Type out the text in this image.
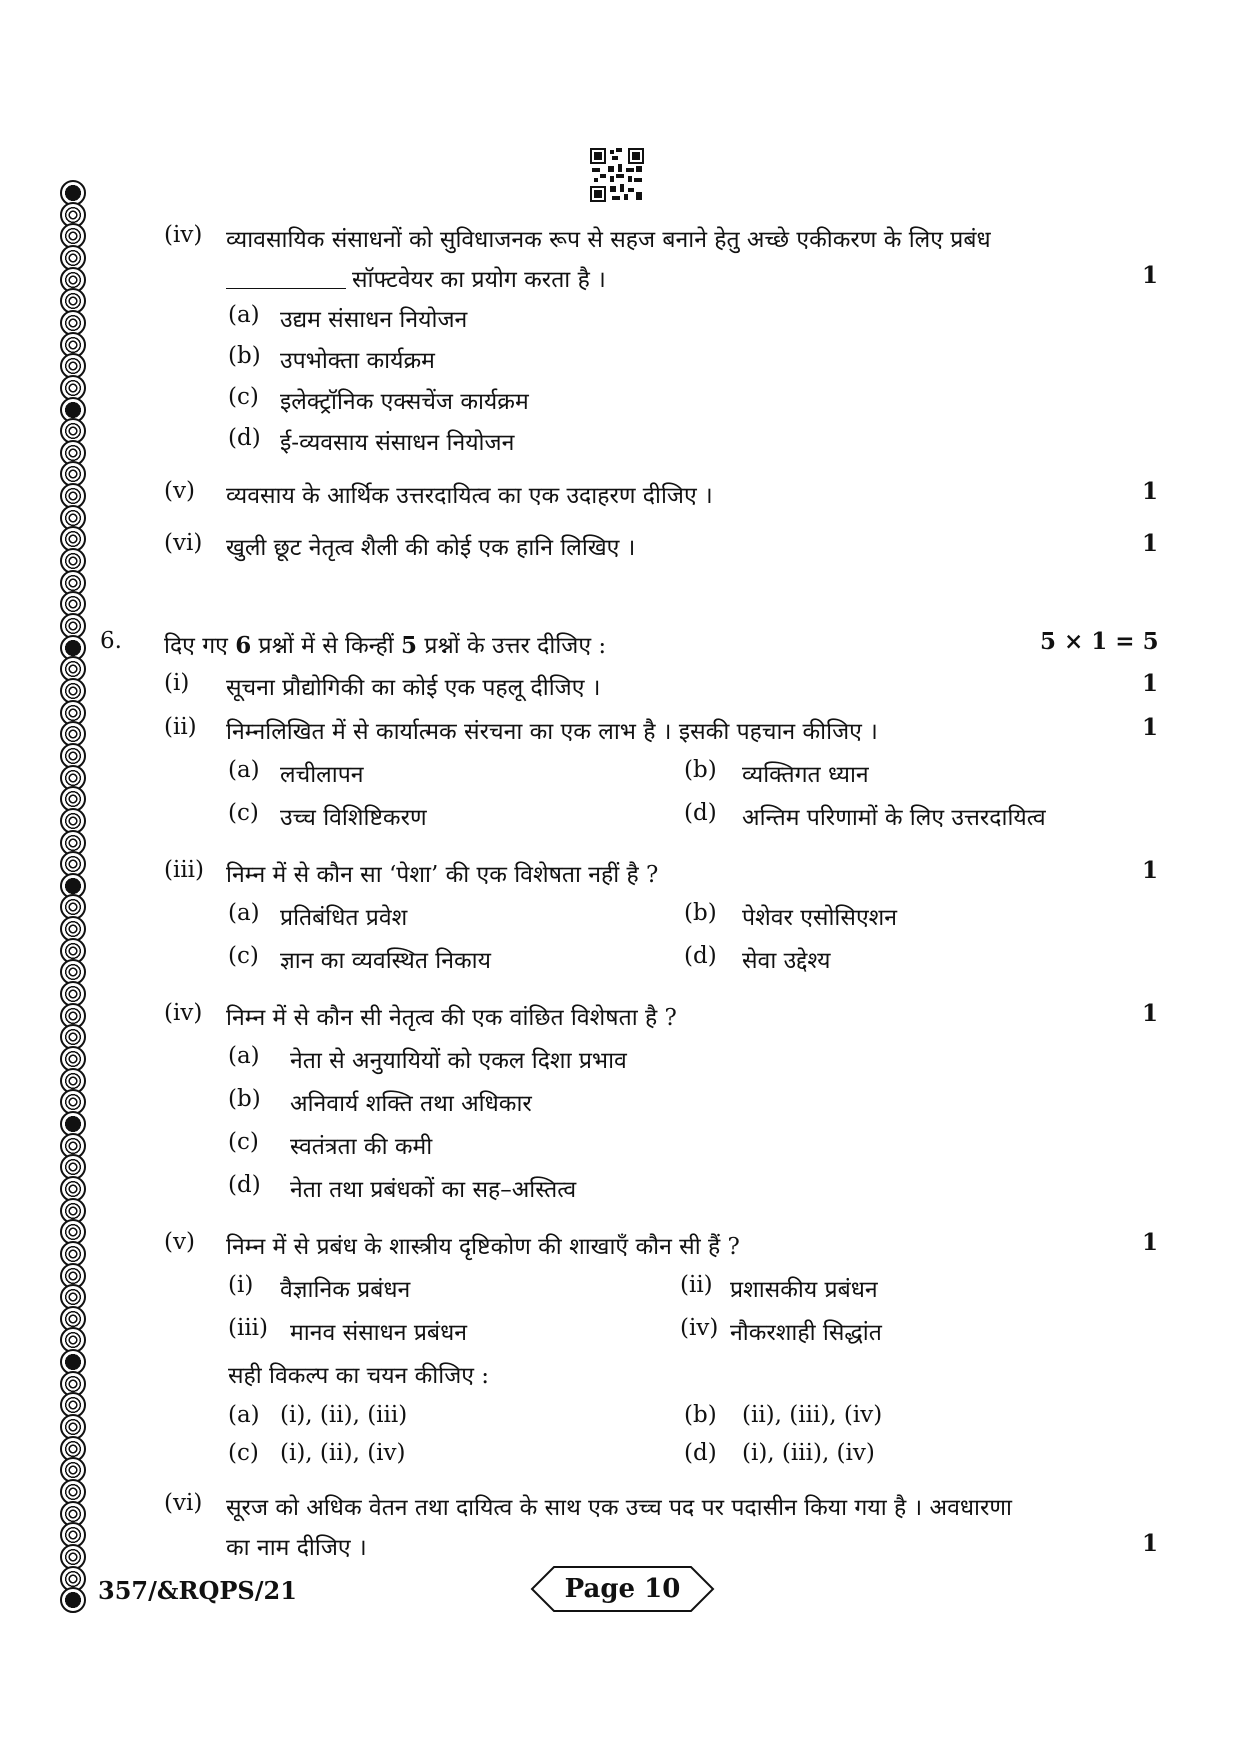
(iv) व्यावसायिक संसाधनों को सुविधाजनक रूप से सहज बनाने हेतु अच्छे एकीकरण के लिए प्रबंध
सॉफ्टवेयर का प्रयोग करता है ।	1
(a) उद्यम संसाधन नियोजन
(b) उपभोक्ता कार्यक्रम
(c) इलेक्ट्रॉनिक एक्सचेंज कार्यक्रम
(d) ई-व्यवसाय संसाधन नियोजन
(v) व्यवसाय के आर्थिक उत्तरदायित्व का एक उदाहरण दीजिए ।	1
(vi) खुली छूट नेतृत्व शैली की कोई एक हानि लिखिए ।	1
6. दिए गए 6 प्रश्नों में से किन्हीं 5 प्रश्नों के उत्तर दीजिए :	5 × 1 = 5
(i) सूचना प्रौद्योगिकी का कोई एक पहलू दीजिए ।	1
(ii) निम्नलिखित में से कार्यात्मक संरचना का एक लाभ है । इसकी पहचान कीजिए ।	1
(a) लचीलापन	(b) व्यक्तिगत ध्यान
(c) उच्च विशिष्टिकरण	(d) अन्तिम परिणामों के लिए उत्तरदायित्व
(iii) निम्न में से कौन सा ‘पेशा’ की एक विशेषता नहीं है ?	1
(a) प्रतिबंधित प्रवेश	(b) पेशेवर एसोसिएशन
(c) ज्ञान का व्यवस्थित निकाय	(d) सेवा उद्देश्य
(iv) निम्न में से कौन सी नेतृत्व की एक वांछित विशेषता है ?	1
(a) नेता से अनुयायियों को एकल दिशा प्रभाव
(b) अनिवार्य शक्ति तथा अधिकार
(c) स्वतंत्रता की कमी
(d) नेता तथा प्रबंधकों का सह–अस्तित्व
(v) निम्न में से प्रबंध के शास्त्रीय दृष्टिकोण की शाखाएँ कौन सी हैं ?	1
(i) वैज्ञानिक प्रबंधन	(ii) प्रशासकीय प्रबंधन
(iii) मानव संसाधन प्रबंधन	(iv) नौकरशाही सिद्धांत
सही विकल्प का चयन कीजिए :
(a) (i), (ii), (iii)	(b) (ii), (iii), (iv)
(c) (i), (ii), (iv)	(d) (i), (iii), (iv)
(vi) सूरज को अधिक वेतन तथा दायित्व के साथ एक उच्च पद पर पदासीन किया गया है । अवधारणा
का नाम दीजिए ।	1
357/&RQPS/21	Page 10
